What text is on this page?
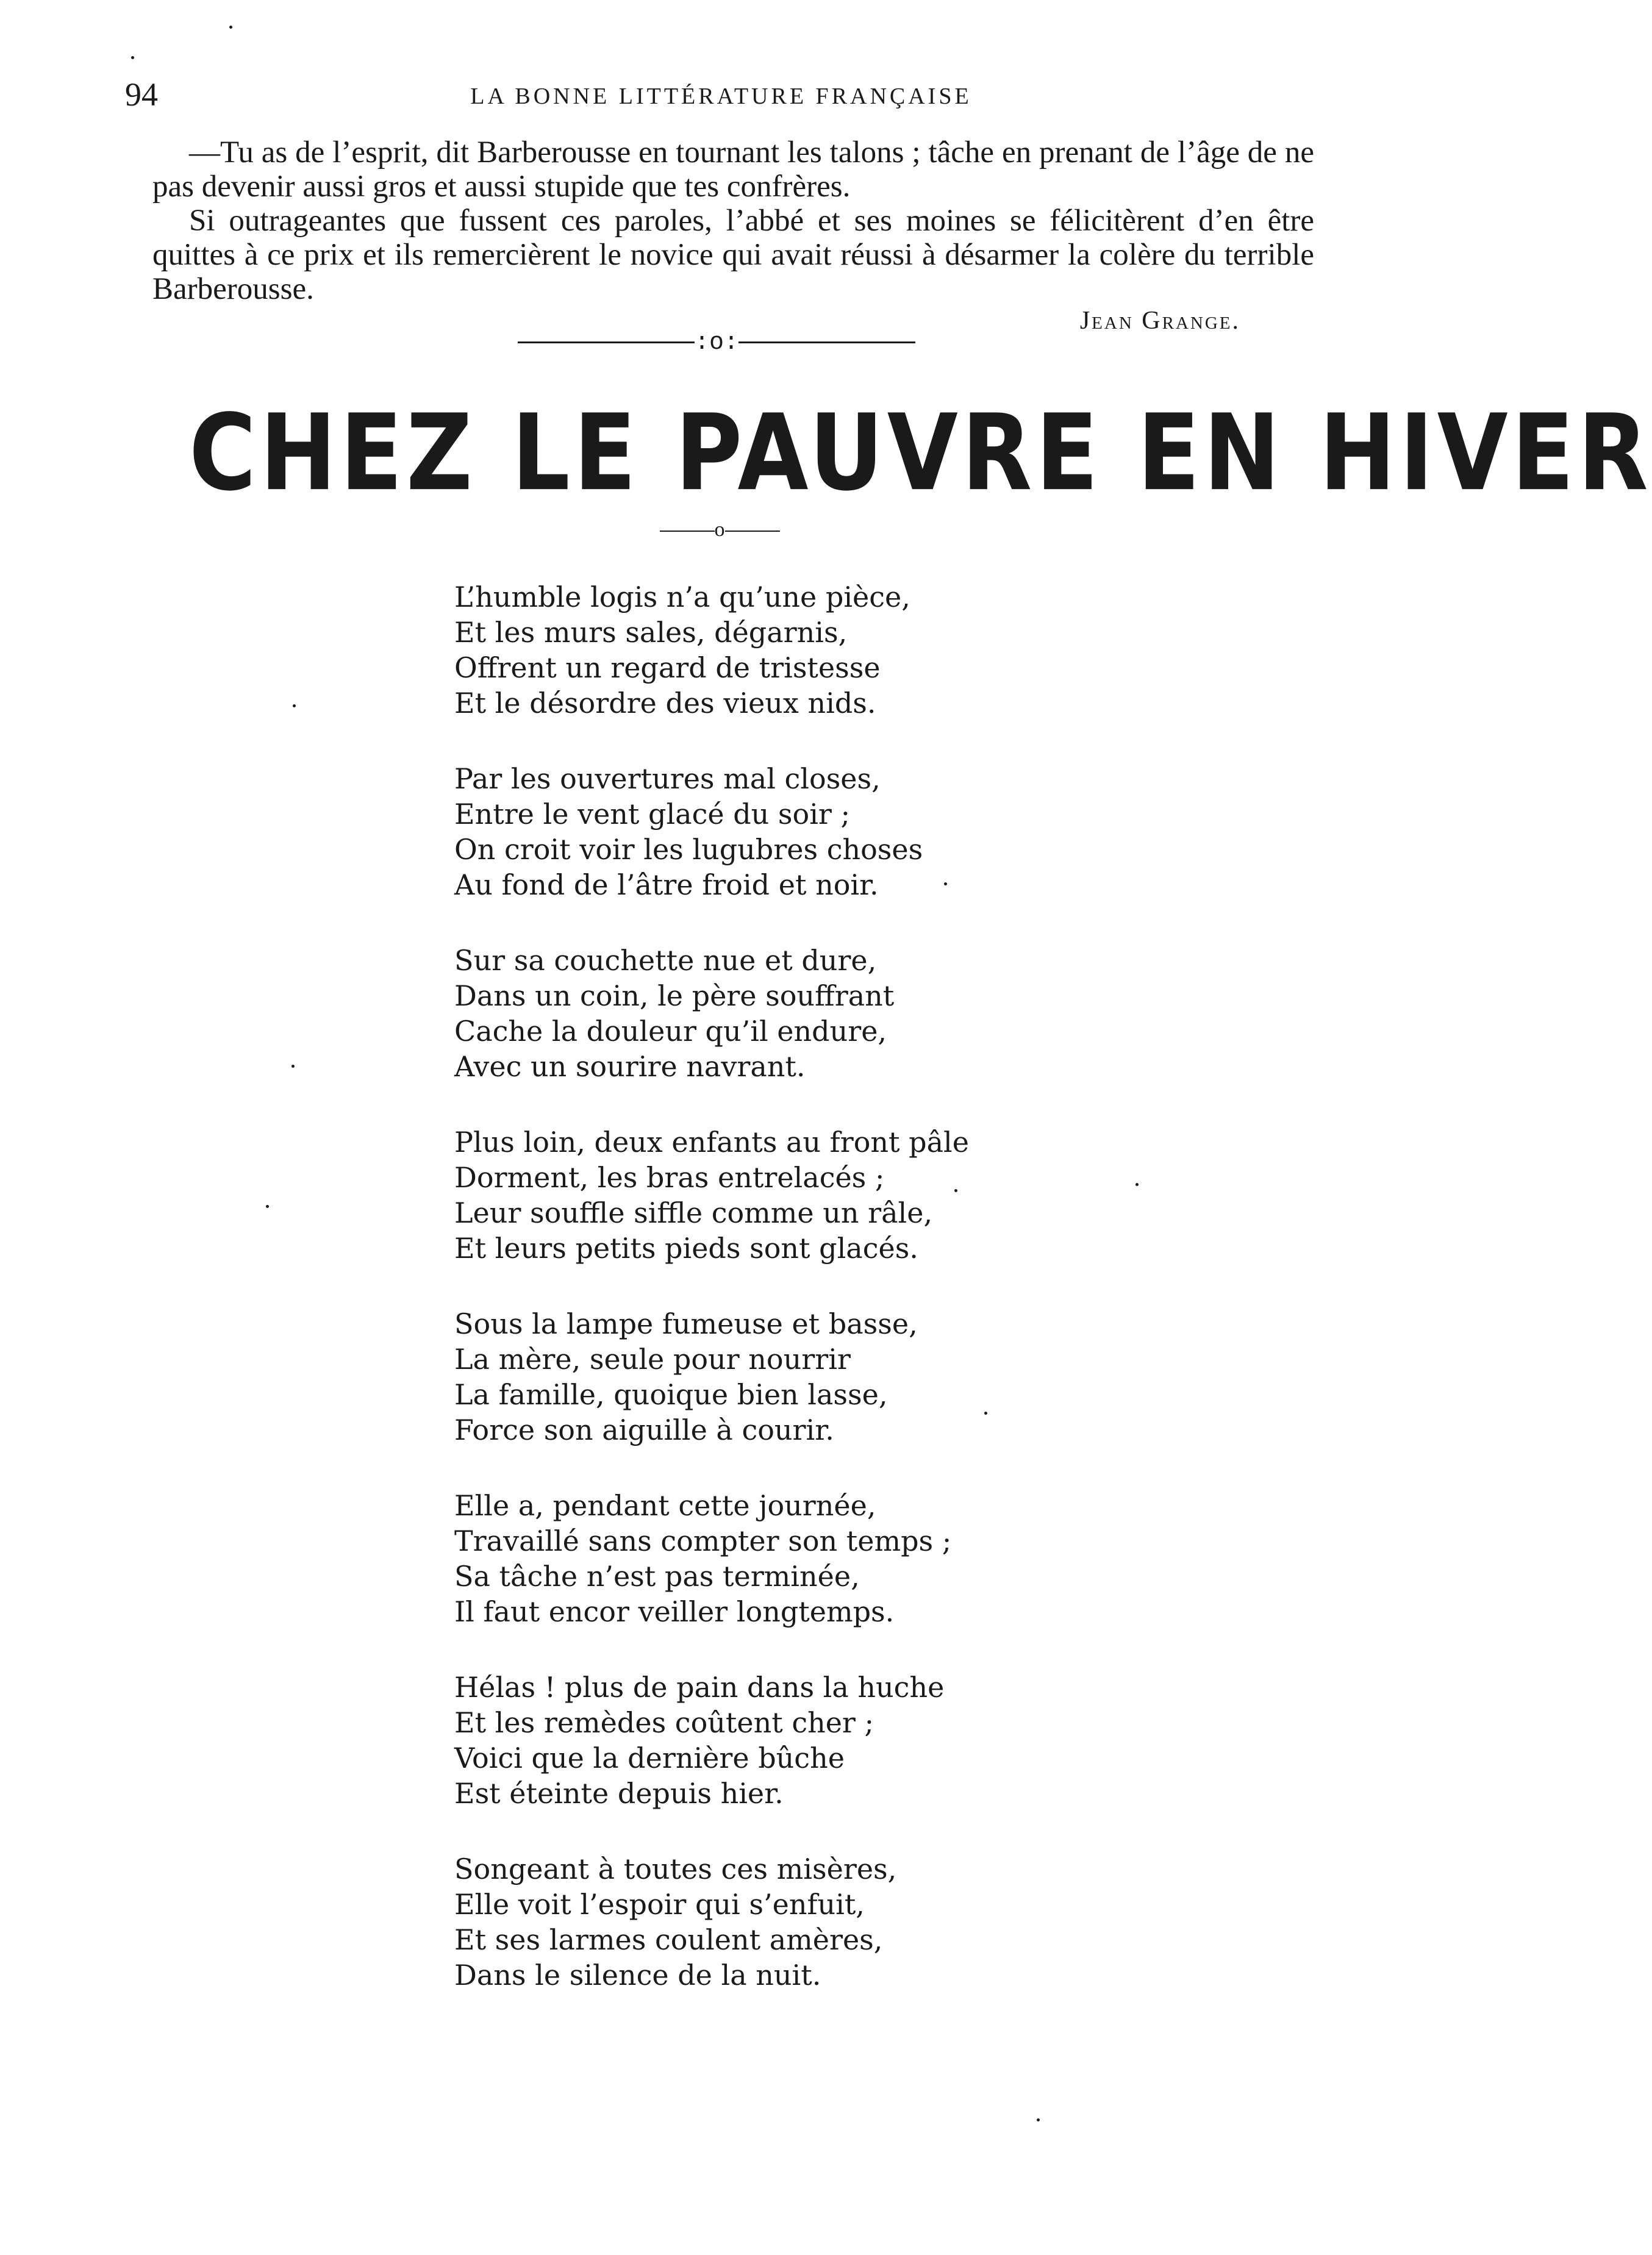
94	LA BONNE LITTÉRATURE FRANÇAISE

—Tu as de l’esprit, dit Barberousse en tournant les talons ; tâche en prenant de l’âge de ne pas devenir aussi gros et aussi stupide que tes confrères.

Si outrageantes que fussent ces paroles, l’abbé et ses moines se félicitèrent d’en être quittes à ce prix et ils remercièrent le novice qui avait réussi à désarmer la colère du terrible Barberousse.

Jean Grange.
:o:
CHEZ LE PAUVRE EN HIVER
o
L’humble logis n’a qu’une pièce,
Et les murs sales, dégarnis,
Offrent un regard de tristesse
Et le désordre des vieux nids.
Par les ouvertures mal closes,
Entre le vent glacé du soir ;
On croit voir les lugubres choses
Au fond de l’âtre froid et noir.
Sur sa couchette nue et dure,
Dans un coin, le père souffrant
Cache la douleur qu’il endure,
Avec un sourire navrant.
Plus loin, deux enfants au front pâle
Dorment, les bras entrelacés ;
Leur souffle siffle comme un râle,
Et leurs petits pieds sont glacés.
Sous la lampe fumeuse et basse,
La mère, seule pour nourrir
La famille, quoique bien lasse,
Force son aiguille à courir.
Elle a, pendant cette journée,
Travaillé sans compter son temps ;
Sa tâche n’est pas terminée,
Il faut encor veiller longtemps.
Hélas ! plus de pain dans la huche
Et les remèdes coûtent cher ;
Voici que la dernière bûche
Est éteinte depuis hier.
Songeant à toutes ces misères,
Elle voit l’espoir qui s’enfuit,
Et ses larmes coulent amères,
Dans le silence de la nuit.
